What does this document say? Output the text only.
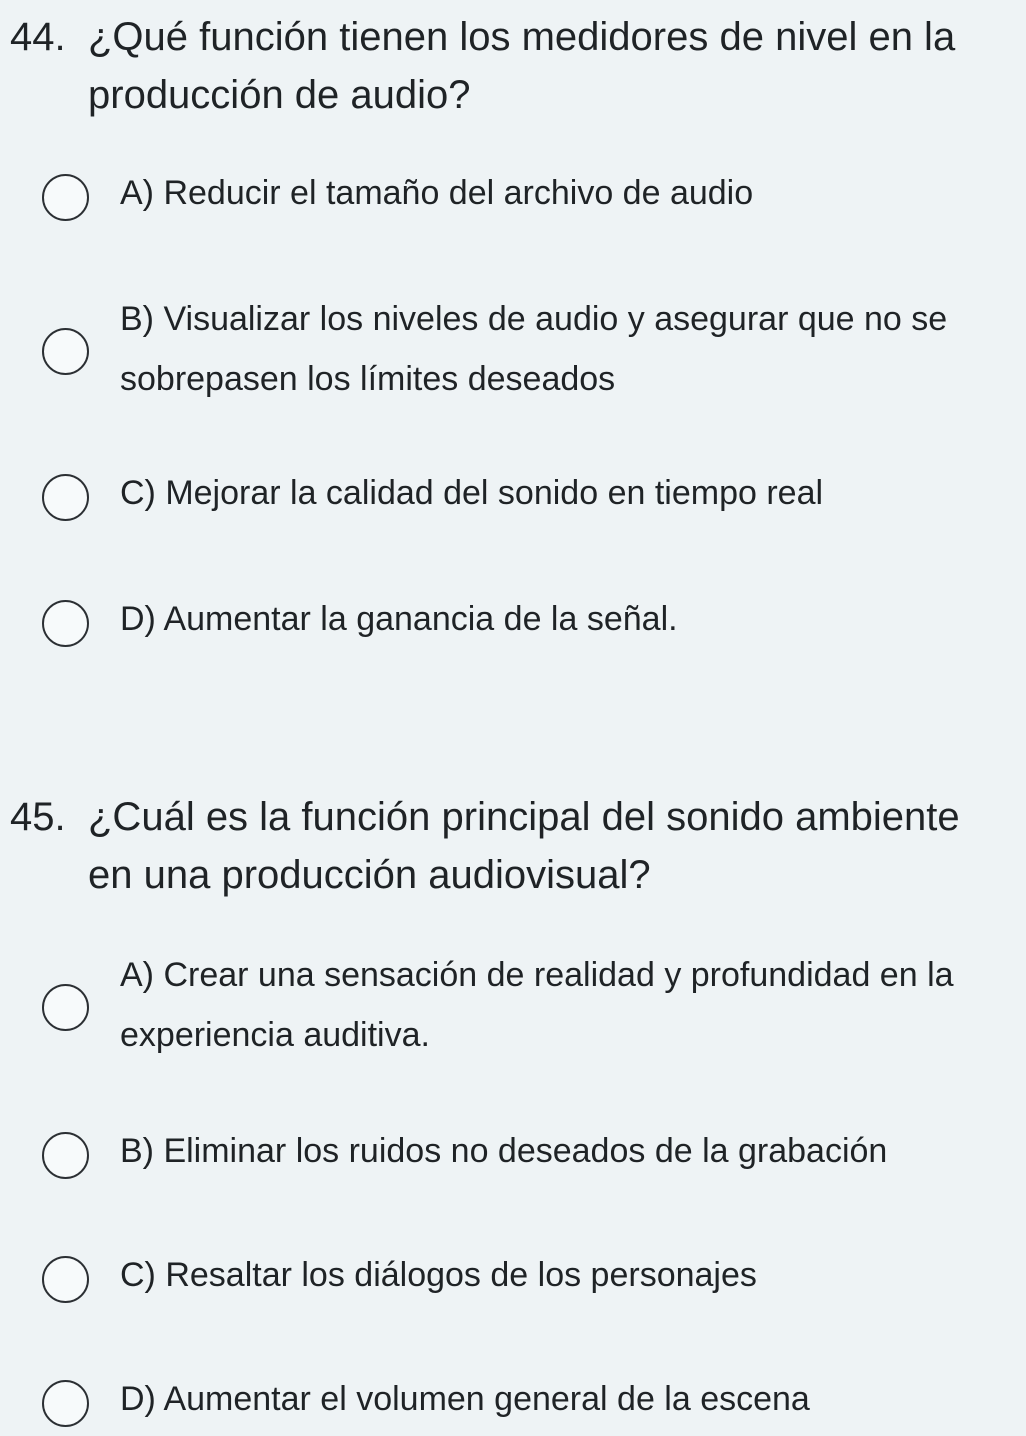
44. ¿Qué función tienen los medidores de nivel en la
producción de audio?
A) Reducir el tamaño del archivo de audio
B) Visualizar los niveles de audio y asegurar que no se
sobrepasen los límites deseados
C) Mejorar la calidad del sonido en tiempo real
D) Aumentar la ganancia de la señal.
45. ¿Cuál es la función principal del sonido ambiente
en una producción audiovisual?
A) Crear una sensación de realidad y profundidad en la
experiencia auditiva.
B) Eliminar los ruidos no deseados de la grabación
C) Resaltar los diálogos de los personajes
D) Aumentar el volumen general de la escena
